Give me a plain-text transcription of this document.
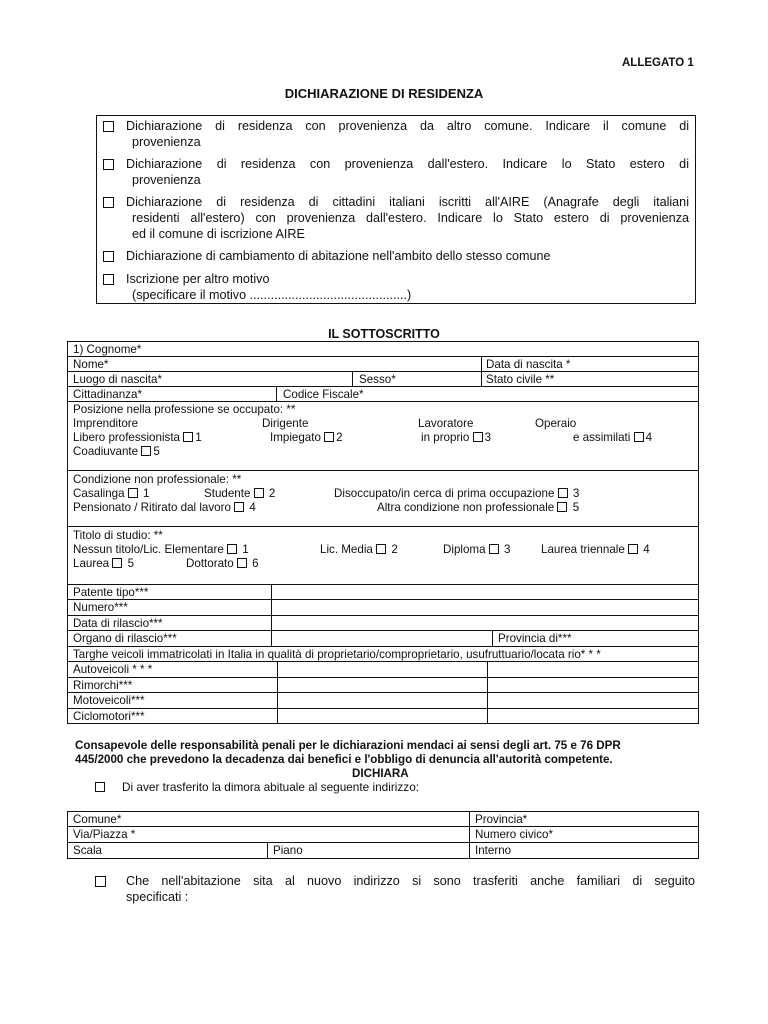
ALLEGATO 1
DICHIARAZIONE DI RESIDENZA
Dichiarazione di residenza con provenienza da altro comune. Indicare il comune di
provenienza
Dichiarazione di residenza con provenienza dall'estero. Indicare lo Stato estero di
provenienza
Dichiarazione di residenza di cittadini italiani iscritti all'AIRE (Anagrafe degli italiani
residenti all'estero) con provenienza dall'estero. Indicare lo Stato estero di provenienza
ed il comune di iscrizione AIRE
Dichiarazione di cambiamento di abitazione nell'ambito dello stesso comune
Iscrizione per altro motivo
(specificare il motivo .............................................)
IL SOTTOSCRITTO
1) Cognome*
Nome*	Data di nascita *
Luogo di nascita*	Sesso*	Stato civile **
Cittadinanza*	Codice Fiscale*
Posizione nella professione se occupato: **
Imprenditore	Dirigente	Lavoratore	Operaio
Libero professionista 1	Impiegato 2	in proprio 3	e assimilati 4
Coadiuvante 5
Condizione non professionale: **
Casalinga 1	Studente 2	Disoccupato/in cerca di prima occupazione 3
Pensionato / Ritirato dal lavoro 4	Altra condizione non professionale 5
Titolo di studio: **
Nessun titolo/Lic. Elementare 1	Lic. Media 2	Diploma 3	Laurea triennale 4
Laurea 5	Dottorato 6
Patente tipo***
Numero***
Data di rilascio***
Organo di rilascio***	Provincia di***
Targhe veicoli immatricolati in Italia in qualità di proprietario/comproprietario, usufruttuario/locata rio* * *
Autoveicoli * * *
Rimorchi***
Motoveicoli***
Ciclomotori***
Consapevole delle responsabilità penali per le dichiarazioni mendaci ai sensi degli art. 75 e 76 DPR
445/2000 che prevedono la decadenza dai benefici e l'obbligo di denuncia all'autorità competente.
DICHIARA
Di aver trasferito la dimora abituale al seguente indirizzo:
Comune*	Provincia*
Via/Piazza *	Numero civico*
Scala	Piano	Interno
Che nell'abitazione sita al nuovo indirizzo si sono trasferiti anche familiari di seguito
specificati :
